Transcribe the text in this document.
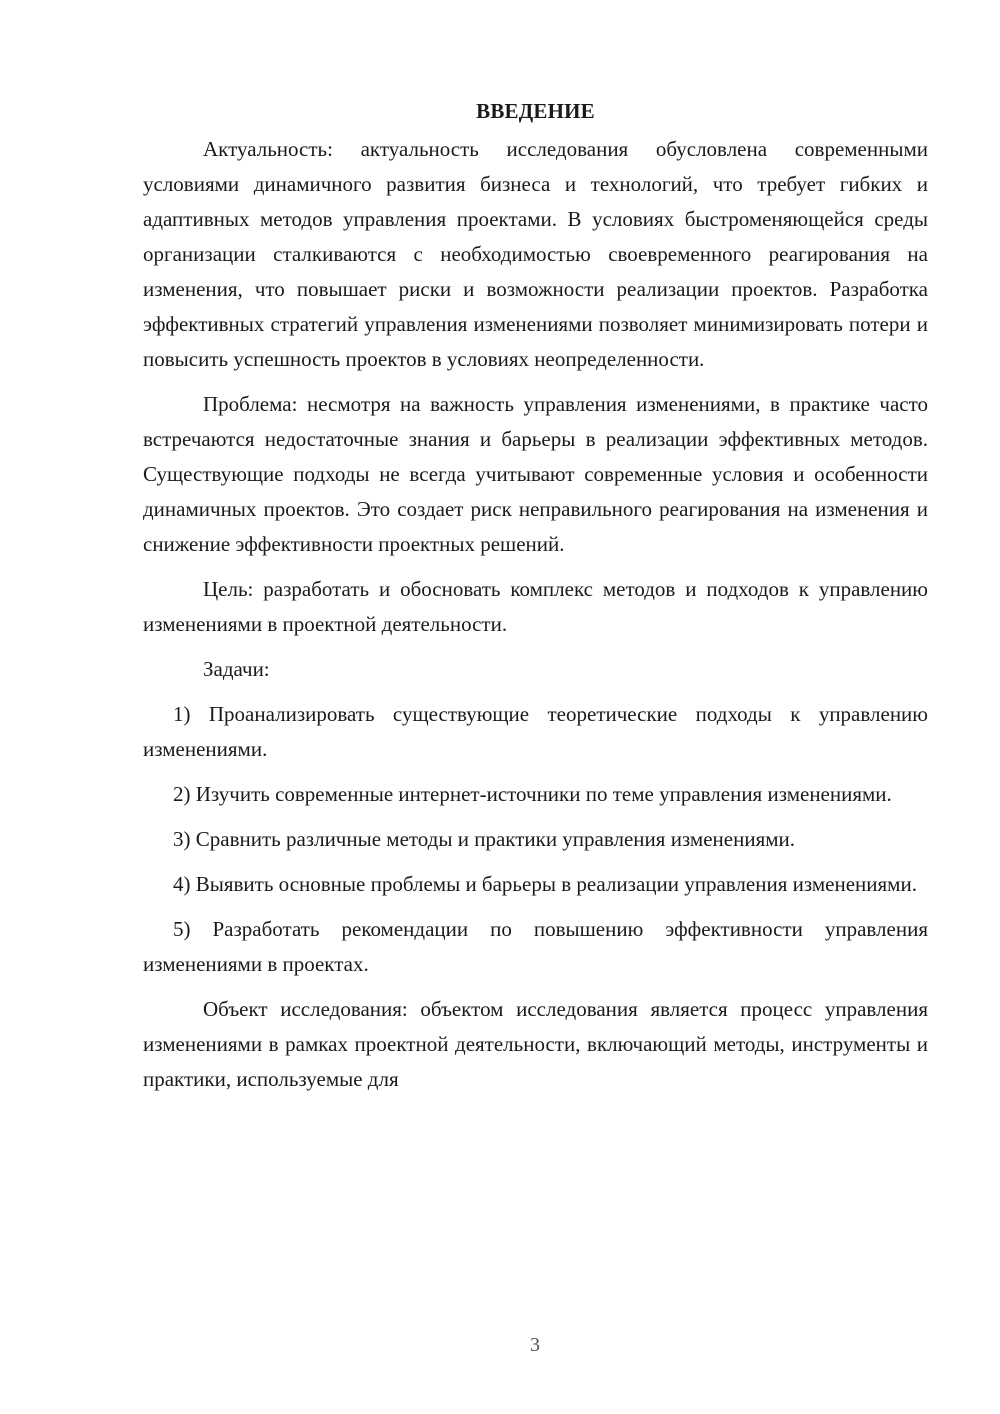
ВВЕДЕНИЕ

Актуальность: актуальность исследования обусловлена современными условиями динамичного развития бизнеса и технологий, что требует гибких и адаптивных методов управления проектами. В условиях быстроменяющейся среды организации сталкиваются с необходимостью своевременного реагирования на изменения, что повышает риски и возможности реализации проектов. Разработка эффективных стратегий управления изменениями позволяет минимизировать потери и повысить успешность проектов в условиях неопределенности.

Проблема: несмотря на важность управления изменениями, в практике часто встречаются недостаточные знания и барьеры в реализации эффективных методов. Существующие подходы не всегда учитывают современные условия и особенности динамичных проектов. Это создает риск неправильного реагирования на изменения и снижение эффективности проектных решений.

Цель: разработать и обосновать комплекс методов и подходов к управлению изменениями в проектной деятельности.

Задачи:

1) Проанализировать существующие теоретические подходы к управлению изменениями.

2) Изучить современные интернет-источники по теме управления изменениями.

3) Сравнить различные методы и практики управления изменениями.

4) Выявить основные проблемы и барьеры в реализации управления изменениями.

5) Разработать рекомендации по повышению эффективности управления изменениями в проектах.

Объект исследования: объектом исследования является процесс управления изменениями в рамках проектной деятельности, включающий методы, инструменты и практики, используемые для

3
